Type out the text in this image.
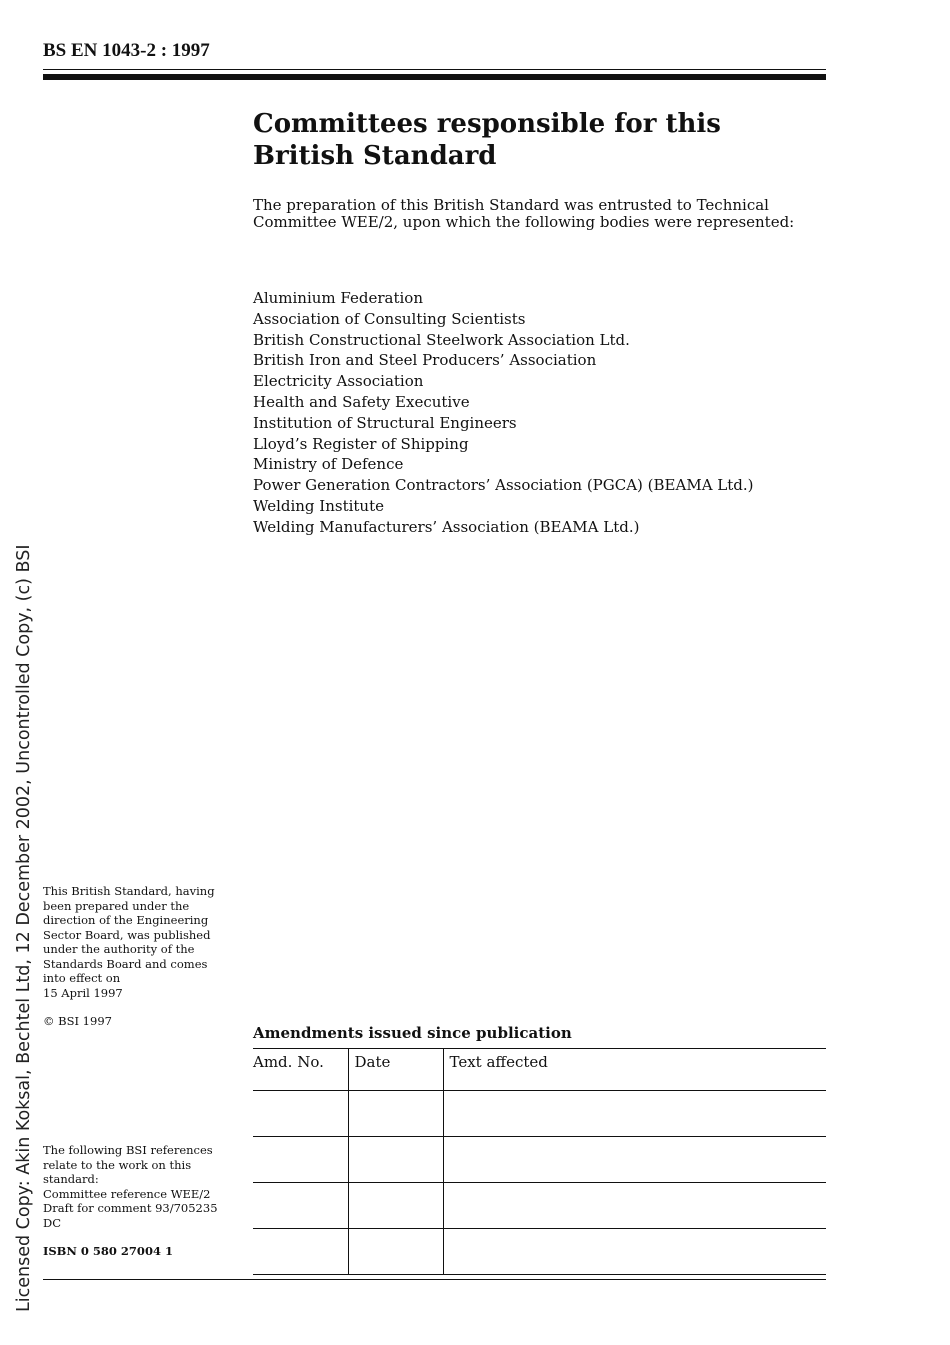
BS EN 1043-2 : 1997
Committees responsible for this
British Standard
The preparation of this British Standard was entrusted to Technical Committee WEE/2, upon which the following bodies were represented:
Aluminium Federation
Association of Consulting Scientists
British Constructional Steelwork Association Ltd.
British Iron and Steel Producers’ Association
Electricity Association
Health and Safety Executive
Institution of Structural Engineers
Lloyd’s Register of Shipping
Ministry of Defence
Power Generation Contractors’ Association (PGCA) (BEAMA Ltd.)
Welding Institute
Welding Manufacturers’ Association (BEAMA Ltd.)
This British Standard, having been prepared under the direction of the Engineering Sector Board, was published under the authority of the Standards Board and comes into effect on
15 April 1997
© BSI 1997
The following BSI references relate to the work on this standard:
Committee reference WEE/2
Draft for comment 93/705235 DC
ISBN 0 580 27004 1
Licensed Copy: Akin Koksal, Bechtel Ltd, 12 December 2002, Uncontrolled Copy, (c) BSI	Amendments issued since publication
Amd. No.	Date	Text affected
